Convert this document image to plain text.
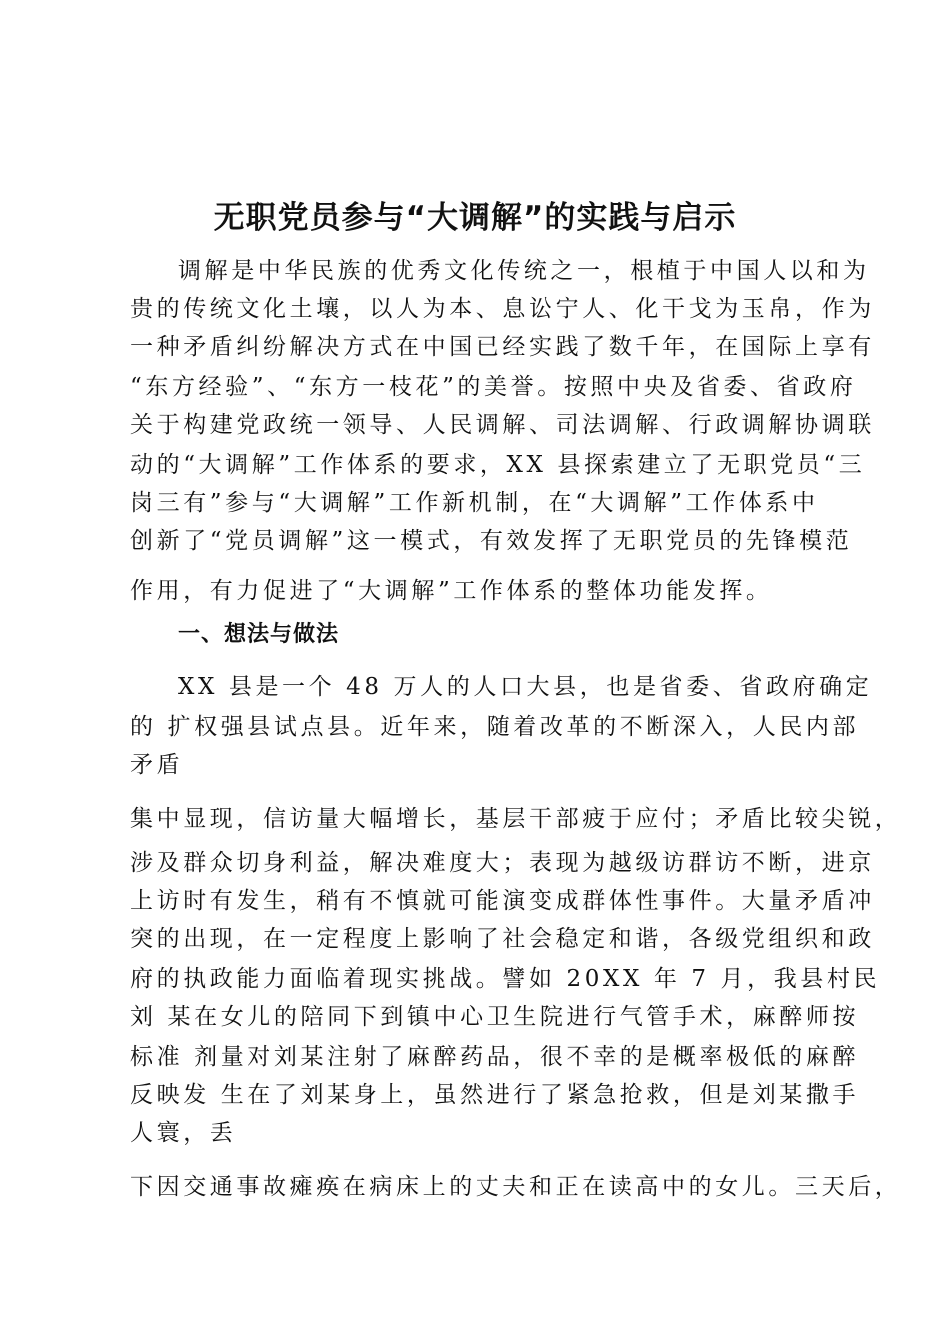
无职党员参与“大调解”的实践与启示
调解是中华民族的优秀文化传统之一，根植于中国人以和为
贵的传统文化土壤，以人为本、息讼宁人、化干戈为玉帛，作为
一种矛盾纠纷解决方式在中国已经实践了数千年，在国际上享有
“东方经验”、“东方一枝花”的美誉。按照中央及省委、省政府
关于构建党政统一领导、人民调解、司法调解、行政调解协调联
动的“大调解”工作体系的要求，XX 县探索建立了无职党员“三
岗三有”参与“大调解”工作新机制，在“大调解”工作体系中
创新了“党员调解”这一模式，有效发挥了无职党员的先锋模范
作用，有力促进了“大调解”工作体系的整体功能发挥。
一、想法与做法
XX 县是一个 48 万人的人口大县，也是省委、省政府确定
的 扩权强县试点县。近年来，随着改革的不断深入，人民内部
矛盾
集中显现，信访量大幅增长，基层干部疲于应付；矛盾比较尖锐，
涉及群众切身利益，解决难度大；表现为越级访群访不断，进京
上访时有发生，稍有不慎就可能演变成群体性事件。大量矛盾冲
突的出现，在一定程度上影响了社会稳定和谐，各级党组织和政
府的执政能力面临着现实挑战。譬如 20XX 年 7 月，我县村民
刘 某在女儿的陪同下到镇中心卫生院进行气管手术，麻醉师按
标准 剂量对刘某注射了麻醉药品，很不幸的是概率极低的麻醉
反映发 生在了刘某身上，虽然进行了紧急抢救，但是刘某撒手
人寰，丢
下因交通事故瘫痪在病床上的丈夫和正在读高中的女儿。三天后，
